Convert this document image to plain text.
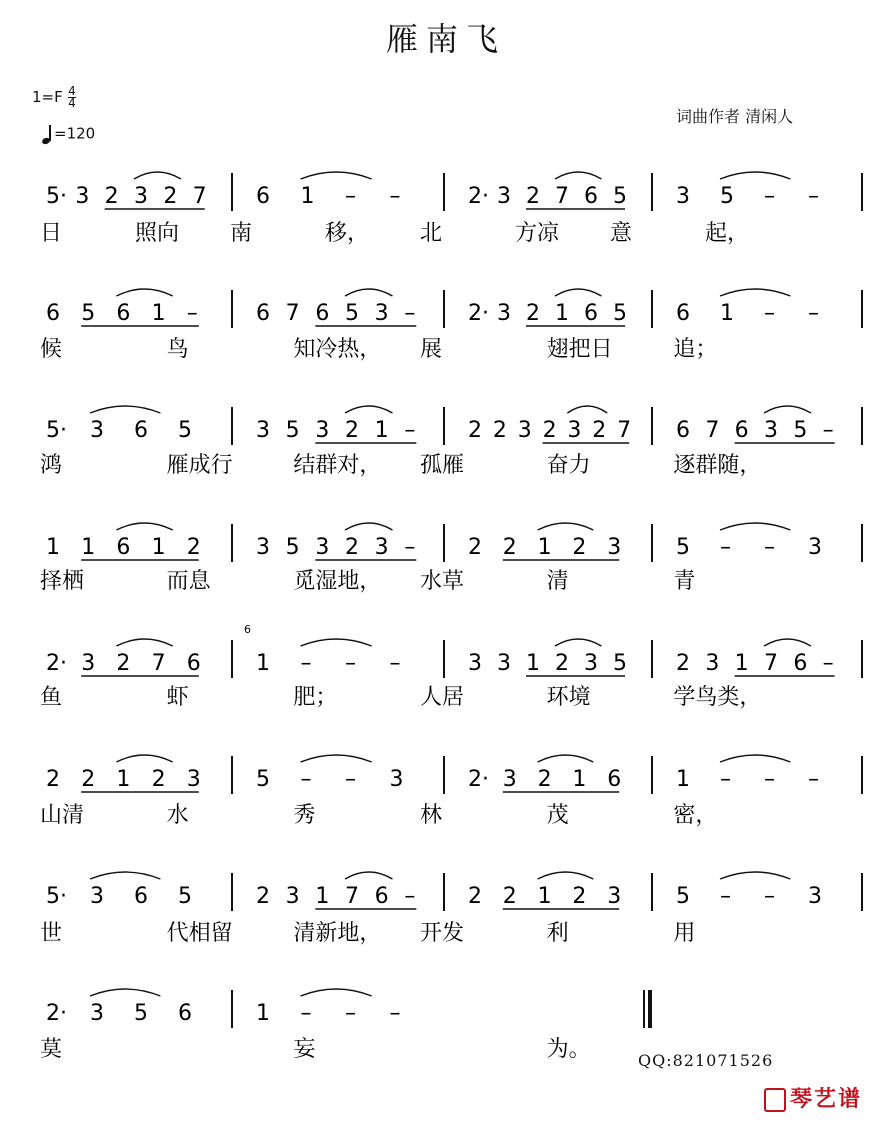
雁南飞
1=F 4
4
=120
词曲作者 清闲人
5· 3 2 3 2 7 6 1 – –	2· 3 2 7 6 5 3 5 – –
日	照向 南	移， 北	方凉 意	起，
6 5 6 1 –	6 7 6 5 3 – 2· 3 2 1 6 5 6 1 – –
候	鸟	知冷热， 展	翅把日	追；
5· 3 6 5	3 5 3 2 1 – 2 2 3 2 3 2 7 6 7 6 3 5 –
鸿	雁成行	结群对， 孤雁	奋力	逐群随，
1 1 6 1 2	3 5 3 2 3 – 2 2 1 2 3 5 – – 3
择栖	而息	觅湿地， 水草	清	青
2· 3 2 7 6	1 – – –	3 3 1 2 3 5 2 3 1 7 6 –
鱼	虾	肥；	人居	环境	学鸟类，
2 2 1 2 3	5 – – 3	2· 3 2 1 6 1 – – –
山清	水	秀	林	茂	密，
5· 3 6 5	2 3 1 7 6 – 2 2 1 2 3 5 – – 3
世	代相留	清新地， 开发	利	用
2· 3 5 6	1 – – –
莫	妄	为。
6
QQ:821071526
琴艺谱
